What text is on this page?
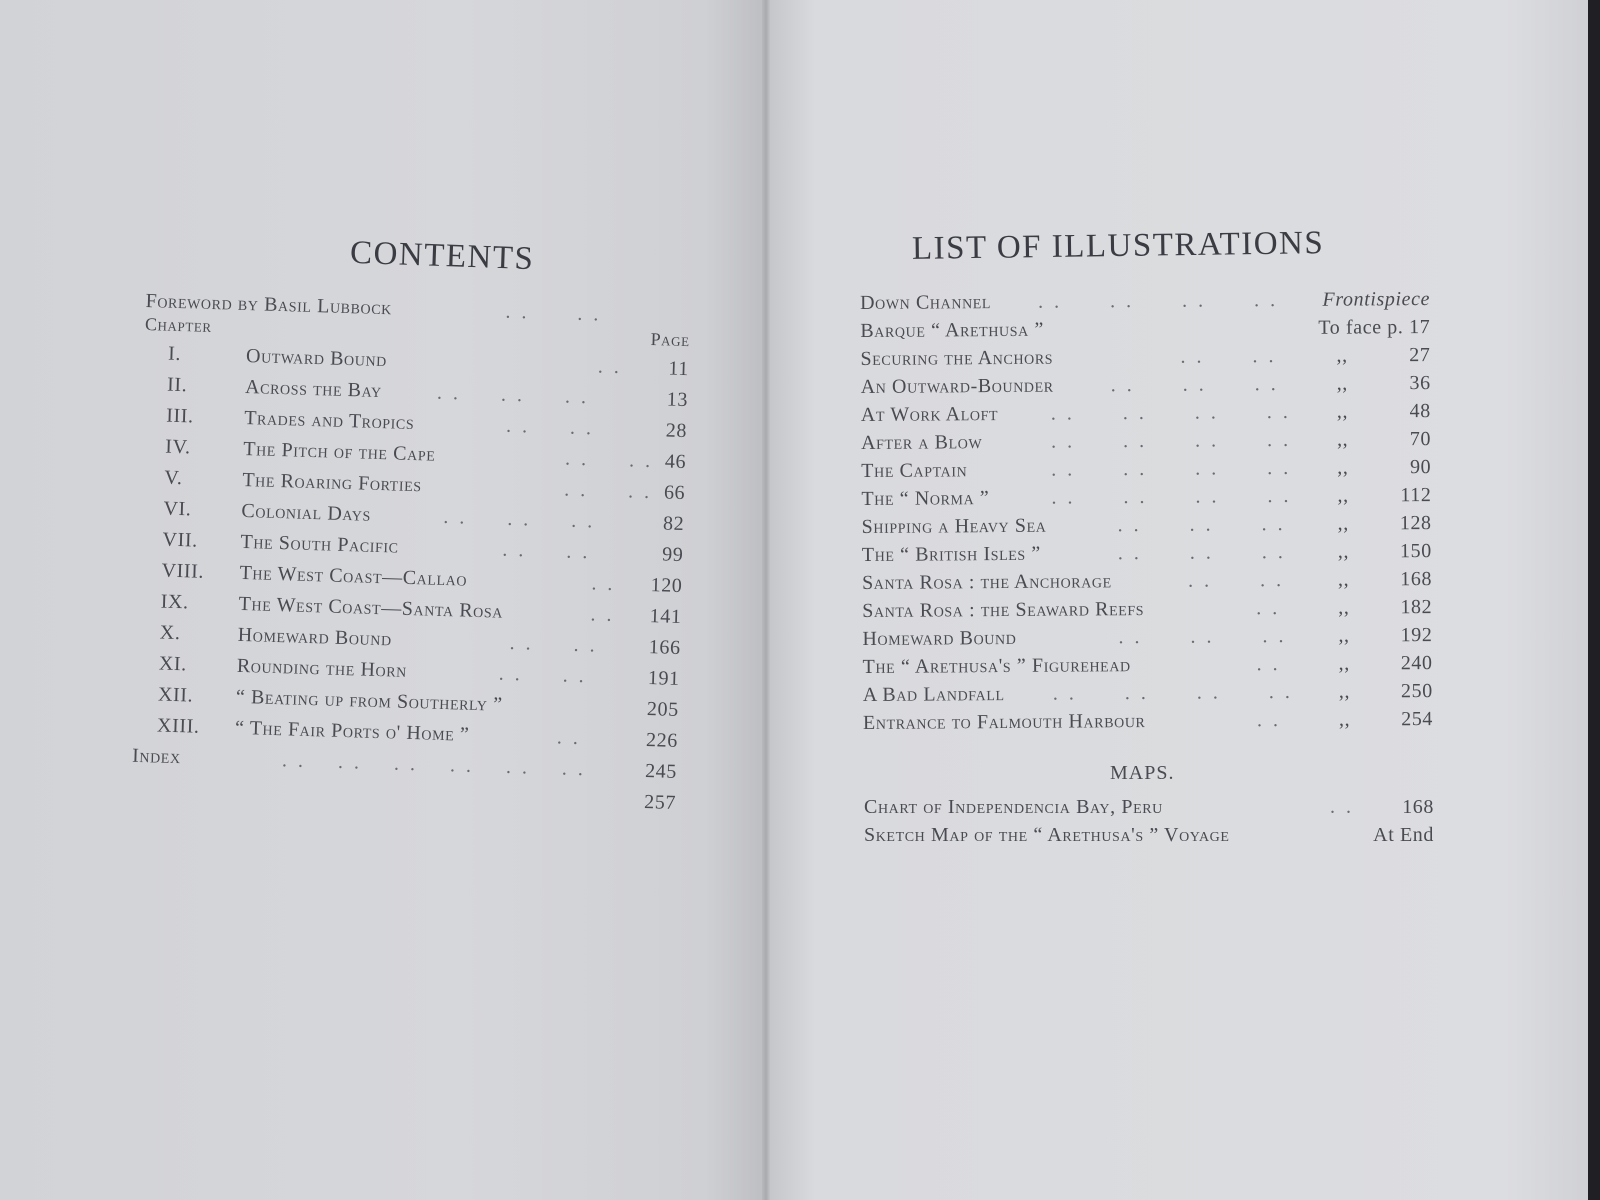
CONTENTS
Foreword by Basil Lubbock	. .      . .
Chapter
Page
I.	Outward Bound	. . 11
II.	Across the Bay	. .     . .     . .	13
III.	Trades and Tropics	. .     . .	28
IV.	The Pitch of the Cape	. .     . . 46
V.	The Roaring Forties	. .     . . 66
VI.	Colonial Days	. .     . .     . .	82
VII.	The South Pacific	. .     . .	99
VIII.	The West Coast—Callao	. . 120
IX.	The West Coast—Santa Rosa	. . 141
X.	Homeward Bound	. .     . .	166
XI.	Rounding the Horn	. .     . .	191
XII.	“ Beating up from Southerly ”	205
XIII.	“ The Fair Ports o' Home ”	. .	226
Index	. .    . .    . .    . .    . .    . .	245
257
LIST OF ILLUSTRATIONS
Down Channel . .      . .      . .      . . Frontispiece
Barque “ Arethusa ”	To face p. 17
Securing the Anchors	. .      . .	,,	27
An Outward-Bounder	. .      . .      . .	,,	36
At Work Aloft	. .      . .      . .      . . ,,	48
After a Blow	. .      . .      . .      . . ,,	70
The Captain	. .      . .      . .      . . ,,	90
The “ Norma ”	. .      . .      . .      . . ,,	112
Shipping a Heavy Sea	. .      . .      . .	,,	128
The “ British Isles ”	. .      . .      . .	,,	150
Santa Rosa : the Anchorage	. .      . .	,,	168
Santa Rosa : the Seaward Reefs	. .	,,	182
Homeward Bound	. .      . .      . .	,,	192
The “ Arethusa's ” Figurehead	. .	,,	240
A Bad Landfall . .      . .      . .      . . ,,	250
Entrance to Falmouth Harbour	. .	,,	254
MAPS.
Chart of Independencia Bay, Peru	. . 168
Sketch Map of the “ Arethusa's ” Voyage	At End
